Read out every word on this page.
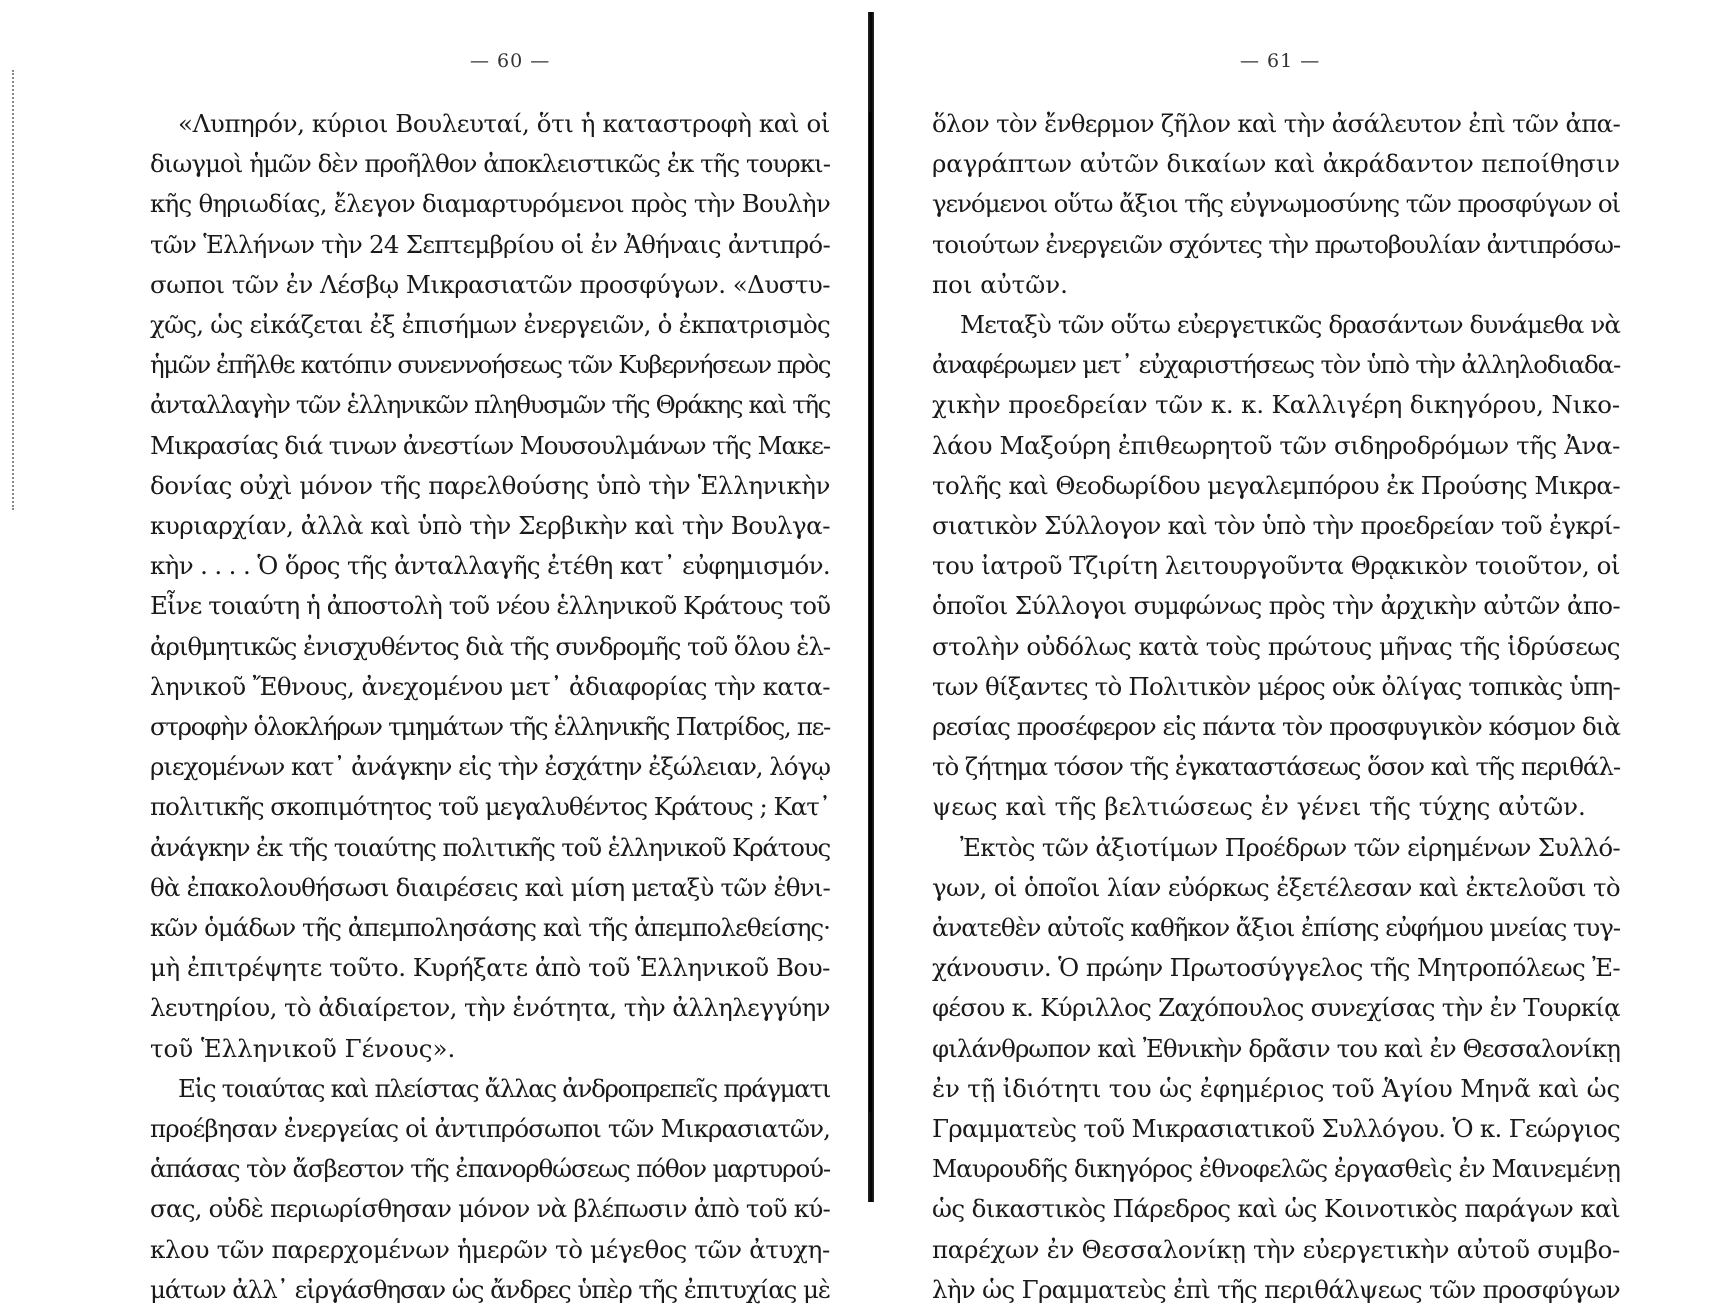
— 60 —
«Λυπηρόν, κύριοι Βουλευταί, ὅτι ἡ καταστροφὴ καὶ οἱ
διωγμοὶ ἡμῶν δὲν προῆλθον ἀποκλειστικῶς ἐκ τῆς τουρκι-
κῆς θηριωδίας, ἔλεγον διαμαρτυρόμενοι πρὸς τὴν Βουλὴν
τῶν Ἑλλήνων τὴν 24 Σεπτεμβρίου οἱ ἐν Ἀθήναις ἀντιπρό-
σωποι τῶν ἐν Λέσβῳ Μικρασιατῶν προσφύγων. «Δυστυ-
χῶς, ὡς εἰκάζεται ἐξ ἐπισήμων ἐνεργειῶν, ὁ ἐκπατρισμὸς
ἡμῶν ἐπῆλθε κατόπιν συνεννοήσεως τῶν Κυβερνήσεων πρὸς
ἀνταλλαγὴν τῶν ἑλληνικῶν πληθυσμῶν τῆς Θράκης καὶ τῆς
Μικρασίας διά τινων ἀνεστίων Μουσουλμάνων τῆς Μακε-
δονίας οὐχὶ μόνον τῆς παρελθούσης ὑπὸ τὴν Ἑλληνικὴν
κυριαρχίαν, ἀλλὰ καὶ ὑπὸ τὴν Σερβικὴν καὶ τὴν Βουλγα-
κὴν . . . . Ὁ ὅρος τῆς ἀνταλλαγῆς ἐτέθη κατ᾽ εὐφημισμόν.
Εἶνε τοιαύτη ἡ ἀποστολὴ τοῦ νέου ἑλληνικοῦ Κράτους τοῦ
ἀριθμητικῶς ἐνισχυθέντος διὰ τῆς συνδρομῆς τοῦ ὅλου ἑλ-
ληνικοῦ Ἔθνους, ἀνεχομένου μετ᾽ ἀδιαφορίας τὴν κατα-
στροφὴν ὁλοκλήρων τμημάτων τῆς ἑλληνικῆς Πατρίδος, πε-
ριεχομένων κατ᾽ ἀνάγκην εἰς τὴν ἐσχάτην ἐξώλειαν, λόγῳ
πολιτικῆς σκοπιμότητος τοῦ μεγαλυθέντος Κράτους ; Κατ᾽
ἀνάγκην ἐκ τῆς τοιαύτης πολιτικῆς τοῦ ἑλληνικοῦ Κράτους
θὰ ἐπακολουθήσωσι διαιρέσεις καὶ μίση μεταξὺ τῶν ἐθνι-
κῶν ὁμάδων τῆς ἀπεμπολησάσης καὶ τῆς ἀπεμπολεθείσης·
μὴ ἐπιτρέψητε τοῦτο. Κυρήξατε ἀπὸ τοῦ Ἑλληνικοῦ Βου-
λευτηρίου, τὸ ἀδιαίρετον, τὴν ἑνότητα, τὴν ἀλληλεγγύην
τοῦ Ἑλληνικοῦ Γένους».
Εἰς τοιαύτας καὶ πλείστας ἄλλας ἀνδροπρεπεῖς πράγματι
προέβησαν ἐνεργείας οἱ ἀντιπρόσωποι τῶν Μικρασιατῶν,
ἁπάσας τὸν ἄσβεστον τῆς ἐπανορθώσεως πόθον μαρτυρού-
σας, οὐδὲ περιωρίσθησαν μόνον νὰ βλέπωσιν ἀπὸ τοῦ κύ-
κλου τῶν παρερχομένων ἡμερῶν τὸ μέγεθος τῶν ἀτυχη-
μάτων ἀλλ᾽ εἰργάσθησαν ὡς ἄνδρες ὑπὲρ τῆς ἐπιτυχίας μὲ
— 61 —
ὅλον τὸν ἔνθερμον ζῆλον καὶ τὴν ἀσάλευτον ἐπὶ τῶν ἀπα-
ραγράπτων αὐτῶν δικαίων καὶ ἀκράδαντον πεποίθησιν
γενόμενοι οὕτω ἄξιοι τῆς εὐγνωμοσύνης τῶν προσφύγων οἱ
τοιούτων ἐνεργειῶν σχόντες τὴν πρωτοβουλίαν ἀντιπρόσω-
ποι αὐτῶν.
Μεταξὺ τῶν οὕτω εὐεργετικῶς δρασάντων δυνάμεθα νὰ
ἀναφέρωμεν μετ᾽ εὐχαριστήσεως τὸν ὑπὸ τὴν ἀλληλοδιαδα-
χικὴν προεδρείαν τῶν κ. κ. Καλλιγέρη δικηγόρου, Νικο-
λάου Μαξούρη ἐπιθεωρητοῦ τῶν σιδηροδρόμων τῆς Ἀνα-
τολῆς καὶ Θεοδωρίδου μεγαλεμπόρου ἐκ Προύσης Μικρα-
σιατικὸν Σύλλογον καὶ τὸν ὑπὸ τὴν προεδρείαν τοῦ ἐγκρί-
του ἰατροῦ Τζιρίτη λειτουργοῦντα Θρᾳκικὸν τοιοῦτον, οἱ
ὁποῖοι Σύλλογοι συμφώνως πρὸς τὴν ἀρχικὴν αὐτῶν ἀπο-
στολὴν οὐδόλως κατὰ τοὺς πρώτους μῆνας τῆς ἱδρύσεως
των θίξαντες τὸ Πολιτικὸν μέρος οὐκ ὀλίγας τοπικὰς ὑπη-
ρεσίας προσέφερον εἰς πάντα τὸν προσφυγικὸν κόσμον διὰ
τὸ ζήτημα τόσον τῆς ἐγκαταστάσεως ὅσον καὶ τῆς περιθάλ-
ψεως καὶ τῆς βελτιώσεως ἐν γένει τῆς τύχης αὐτῶν.
Ἐκτὸς τῶν ἀξιοτίμων Προέδρων τῶν εἰρημένων Συλλό-
γων, οἱ ὁποῖοι λίαν εὐόρκως ἐξετέλεσαν καὶ ἐκτελοῦσι τὸ
ἀνατεθὲν αὐτοῖς καθῆκον ἄξιοι ἐπίσης εὐφήμου μνείας τυγ-
χάνουσιν. Ὁ πρώην Πρωτοσύγγελος τῆς Μητροπόλεως Ἐ-
φέσου κ. Κύριλλος Ζαχόπουλος συνεχίσας τὴν ἐν Τουρκίᾳ
φιλάνθρωπον καὶ Ἐθνικὴν δρᾶσιν του καὶ ἐν Θεσσαλονίκῃ
ἐν τῇ ἰδιότητι του ὡς ἐφημέριος τοῦ Ἁγίου Μηνᾶ καὶ ὡς
Γραμματεὺς τοῦ Μικρασιατικοῦ Συλλόγου. Ὁ κ. Γεώργιος
Μαυρουδῆς δικηγόρος ἐθνοφελῶς ἐργασθεὶς ἐν Μαινεμένῃ
ὡς δικαστικὸς Πάρεδρος καὶ ὡς Κοινοτικὸς παράγων καὶ
παρέχων ἐν Θεσσαλονίκῃ τὴν εὐεργετικὴν αὐτοῦ συμβο-
λὴν ὡς Γραμματεὺς ἐπὶ τῆς περιθάλψεως τῶν προσφύγων
